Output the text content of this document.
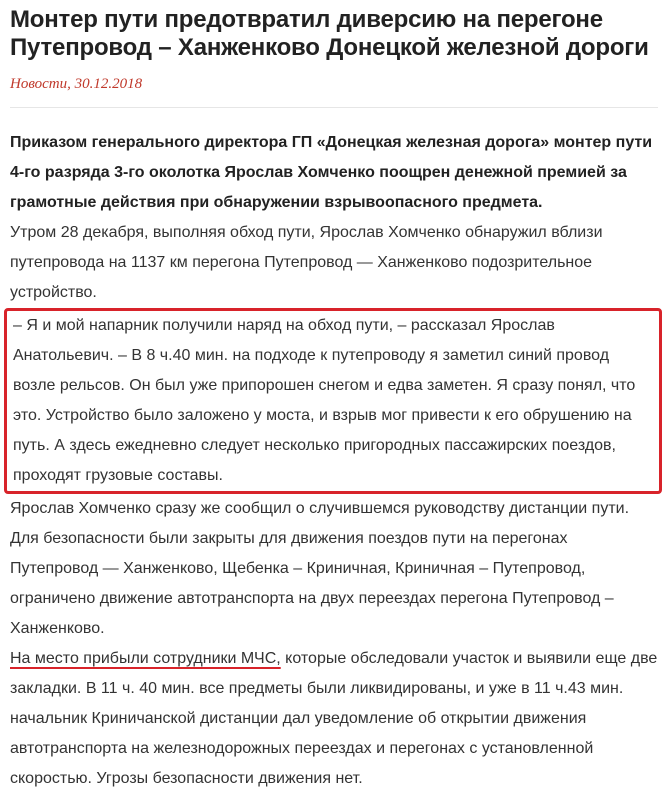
Монтер пути предотвратил диверсию на перегоне Путепровод – Ханженково Донецкой железной дороги
Новости, 30.12.2018

Приказом генерального директора ГП «Донецкая железная дорога» монтер пути 4-го разряда 3-го околотка Ярослав Хомченко поощрен денежной премией за грамотные действия при обнаружении взрывоопасного предмета.

Утром 28 декабря, выполняя обход пути, Ярослав Хомченко обнаружил вблизи путепровода на 1137 км перегона Путепровод — Ханженково подозрительное устройство.

– Я и мой напарник получили наряд на обход пути, – рассказал Ярослав Анатольевич. – В 8 ч.40 мин. на подходе к путепроводу я заметил синий провод возле рельсов. Он был уже припорошен снегом и едва заметен. Я сразу понял, что это. Устройство было заложено у моста, и взрыв мог привести к его обрушению на путь. А здесь ежедневно следует несколько пригородных пассажирских поездов, проходят грузовые составы.

Ярослав Хомченко сразу же сообщил о случившемся руководству дистанции пути. Для безопасности были закрыты для движения поездов пути на перегонах Путепровод — Ханженково, Щебенка – Криничная, Криничная – Путепровод, ограничено движение автотранспорта на двух переездах перегона Путепровод – Ханженково.

На место прибыли сотрудники МЧС, которые обследовали участок и выявили еще две закладки. В 11 ч. 40 мин. все предметы были ликвидированы, и уже в 11 ч.43 мин. начальник Криничанской дистанции дал уведомление об открытии движения автотранспорта на железнодорожных переездах и перегонах с установленной скоростью. Угрозы безопасности движения нет.
